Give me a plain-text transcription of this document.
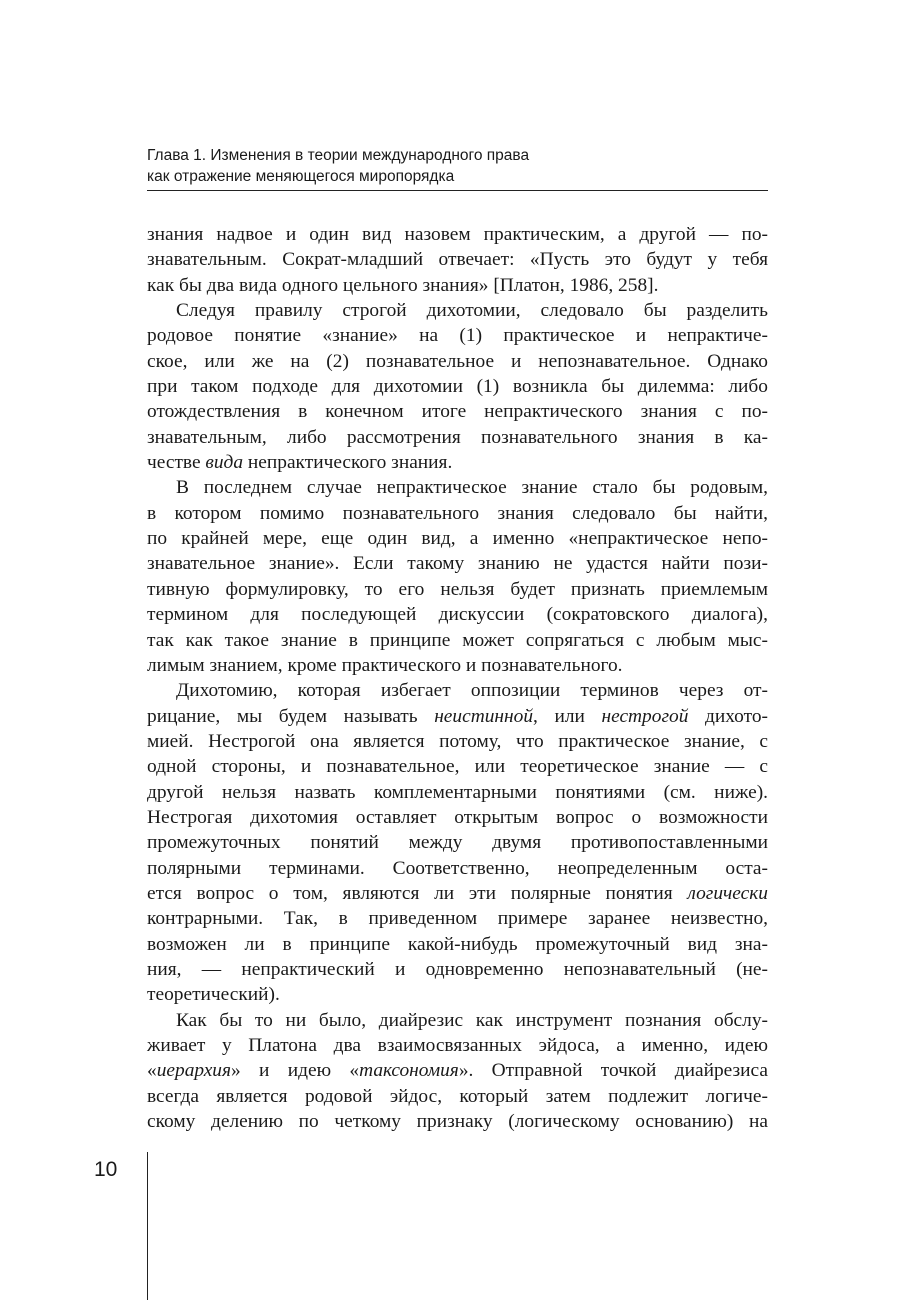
Глава 1. Изменения в теории международного права
как отражение меняющегося миропорядка

знания надвое и один вид назовем практическим, а другой — по-
знавательным. Сократ-младший отвечает: «Пусть это будут у тебя
как бы два вида одного цельного знания» [Платон, 1986, 258].

Следуя правилу строгой дихотомии, следовало бы разделить
родовое понятие «знание» на (1) практическое и непрактиче-
ское, или же на (2) познавательное и непознавательное. Однако
при таком подходе для дихотомии (1) возникла бы дилемма: либо
отождествления в конечном итоге непрактического знания с по-
знавательным, либо рассмотрения познавательного знания в ка-
честве вида непрактического знания.

В последнем случае непрактическое знание стало бы родовым,
в котором помимо познавательного знания следовало бы найти,
по крайней мере, еще один вид, а именно «непрактическое непо-
знавательное знание». Если такому знанию не удастся найти пози-
тивную формулировку, то его нельзя будет признать приемлемым
термином для последующей дискуссии (сократовского диалога),
так как такое знание в принципе может сопрягаться с любым мыс-
лимым знанием, кроме практического и познавательного.

Дихотомию, которая избегает оппозиции терминов через от-
рицание, мы будем называть неистинной, или нестрогой дихото-
мией. Нестрогой она является потому, что практическое знание, с
одной стороны, и познавательное, или теоретическое знание — с
другой нельзя назвать комплементарными понятиями (см. ниже).
Нестрогая дихотомия оставляет открытым вопрос о возможности
промежуточных понятий между двумя противопоставленными
полярными терминами. Соответственно, неопределенным оста-
ется вопрос о том, являются ли эти полярные понятия логически
контрарными. Так, в приведенном примере заранее неизвестно,
возможен ли в принципе какой-нибудь промежуточный вид зна-
ния, — непрактический и одновременно непознавательный (не-
теоретический).

Как бы то ни было, диайрезис как инструмент познания обслу-
живает у Платона два взаимосвязанных эйдоса, а именно, идею
«иерархия» и идею «таксономия». Отправной точкой диайрезиса
всегда является родовой эйдос, который затем подлежит логиче-
скому делению по четкому признаку (логическому основанию) на

10
